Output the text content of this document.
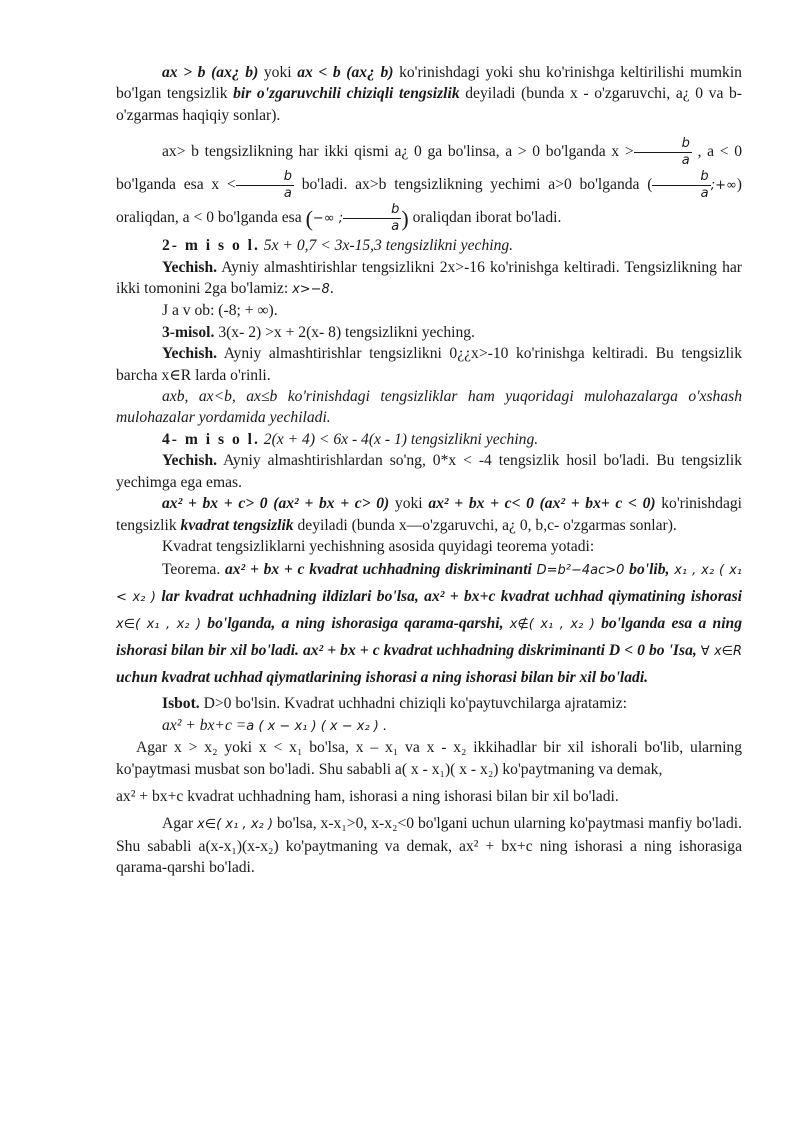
ax > b (ax¿ b) yoki ax < b (ax¿ b) ko'rinishdagi yoki shu ko'rinishga keltirilishi mumkin bo'lgan tengsizlik bir o'zgaruvchili chiziqli tengsizlik deyiladi (bunda x - o'zgaruvchi, a¿ 0 va b- o'zgarmas haqiqiy sonlar).

ax> b tengsizlikning har ikki qismi a¿ 0 ga bo'linsa, a > 0 bo'lganda $x > \frac{b}{a}$ , a < 0 bo'lganda esa $x < \frac{b}{a}$ bo'ladi. ax>b tengsizlikning yechimi a>0 bo'lganda ( $\frac{b}{a}$ ;+∞) oraliqdan, a < 0 bo'lganda esa (−∞ ; $\frac{b}{a}$ ) oraliqdan iborat bo'ladi.

2- m i s o l. 5x + 0,7 < 3x-15,3 tengsizlikni yeching.

Yechish. Ayniy almashtirishlar tengsizlikni 2x>-16 ko'rinishga keltiradi. Tengsizlikning har ikki tomonini 2ga bo'lamiz: x>−8.

J a v ob: (-8; + ∞).

3-misol. 3(x- 2) >x + 2(x- 8) tengsizlikni yeching.

Yechish. Ayniy almashtirishlar tengsizlikni 0¿¿x>-10 ko'rinishga keltiradi. Bu tengsizlik barcha x∈R larda o'rinli.

axb, ax<b, ax≤b ko'rinishdagi tengsizliklar ham yuqoridagi mulohazalarga o'xshash mulohazalar yordamida yechiladi.

4- m i s o l. 2(x + 4) < 6x - 4(x - 1) tengsizlikni yeching.

Yechish. Ayniy almashtirishlardan so'ng, 0*x < -4 tengsizlik hosil bo'ladi. Bu tengsizlik yechimga ega emas.

ax² + bx + c> 0 (ax² + bx + c> 0) yoki ax² + bx + c< 0 (ax² + bx+ c < 0) ko'rinishdagi tengsizlik kvadrat tengsizlik deyiladi (bunda x—o'zgaruvchi, a¿ 0, b,c- o'zgarmas sonlar).

Kvadrat tengsizliklarni yechishning asosida quyidagi teorema yotadi:

Teorema. ax² + bx + c kvadrat uchhadning diskriminanti D=b²−4ac>0 bo'lib, x₁ , x₂ ( x₁ < x₂ ) lar kvadrat uchhadning ildizlari bo'lsa, ax² + bx+c kvadrat uchhad qiymatining ishorasi x∈( x₁ , x₂ ) bo'lganda, a ning ishorasiga qarama-qarshi, x∉( x₁ , x₂ ) bo'lganda esa a ning ishorasi bilan bir xil bo'ladi. ax² + bx + c kvadrat uchhadning diskriminanti D < 0 bo 'Isa, ∀ x∈R uchun kvadrat uchhad qiymatlarining ishorasi a ning ishorasi bilan bir xil bo'ladi.

Isbot. D>0 bo'lsin. Kvadrat uchhadni chiziqli ko'paytuvchilarga ajratamiz:

ax² + bx+c =a ( x − x₁ ) ( x − x₂ ) .

Agar x > x₂ yoki x < x₁ bo'lsa, x – x₁ va x - x₂ ikkihadlar bir xil ishorali bo'lib, ularning ko'paytmasi musbat son bo'ladi. Shu sababli a( x - x₁)( x - x₂) ko'paytmaning va demak,

ax² + bx+c kvadrat uchhadning ham, ishorasi a ning ishorasi bilan bir xil bo'ladi.

Agar x∈( x₁ , x₂ ) bo'lsa, x-x₁>0, x-x₂<0 bo'lgani uchun ularning ko'paytmasi manfiy bo'ladi. Shu sababli a(x-x₁)(x-x₂) ko'paytmaning va demak, ax² + bx+c ning ishorasi a ning ishorasiga qarama-qarshi bo'ladi.
